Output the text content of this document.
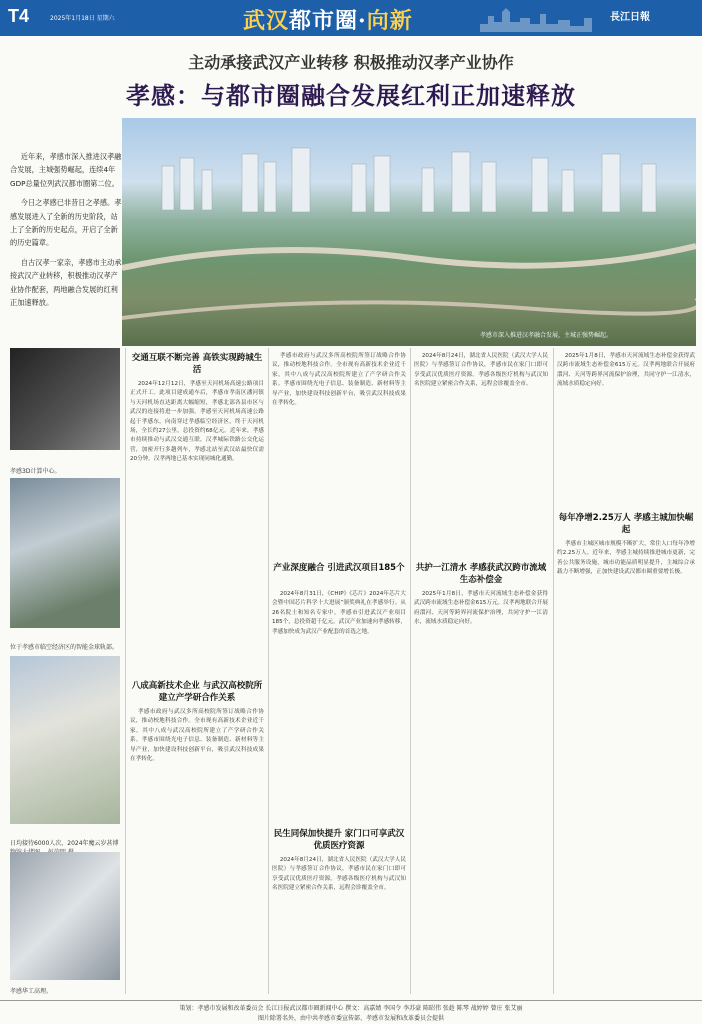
T4	2025年1月18日 星期六	武汉都市圈·向新	長江日報
主动承接武汉产业转移 积极推动汉孝产业协作
孝感：与都市圈融合发展红利正加速释放

近年来，孝感市深入推进汉孝融合发展，主城强势崛起，连续4年GDP总量位列武汉都市圈第二位。

今日之孝感已非昔日之孝感。孝感发展进入了全新的历史阶段，站上了全新的历史起点，开启了全新的历史篇章。

自古汉孝一家亲，孝感市主动承接武汉产业转移，积极推动汉孝产业协作配套，两地融合发展的红利正加速释放。

孝感市深入推进汉孝融合发展，主城正强势崛起。
孝感3D计算中心。
位于孝感市临空经济区的智能金球轨部。
日均接待6000人次，2024年魔云岁甚博
孝感华工高理。
交通互联不断完善 高铁实现跨城生活

2024年12月12日，孝感至天河机场高速公路项目正式开工。此项目建成通车后，孝感市孝南区潘河镇与天河机场直达距离大幅缩短，孝感北部各县市区与武汉的连接将进一步加强。孝感至天河机场高速公路起于孝感东，向南穿过孝感临空经济区，终于天河机场，全长约27公里，总投资约68亿元。近年来，孝感市持续推动与武汉交通互联，汉孝城际铁路公交化运营，加密开行多趟列车，孝感北站至武汉站最快仅需20分钟。汉孝两地已基本实现同城化通勤。

八成高新技术企业 与武汉高校院所建立产学研合作关系

孝感市政府与武汉多所高校院所签订战略合作协议，推动校地科技合作。全市现有高新技术企业近千家，其中八成与武汉高校院所建立了产学研合作关系。孝感市围绕光电子信息、装备制造、新材料等主导产业，加快建设科技创新平台，吸引武汉科技成果在孝转化。

孝感市政府与武汉多所高校院所签订战略合作协议，推动校地科技合作。全市现有高新技术企业近千家，其中八成与武汉高校院所建立了产学研合作关系。孝感市围绕光电子信息、装备制造、新材料等主导产业，加快建设科技创新平台，吸引武汉科技成果在孝转化。

产业深度融合 引进武汉项目185个

2024年8月31日，《CHIP》《芯片》2024年芯片大会暨中国芯片科学十大进展”颁奖典礼在孝感举行。从26名院士和知名专家中，孝感市引进武汉产业项目185个，总投资超千亿元。武汉产业加速向孝感转移，孝感加快成为武汉产业配套的首选之地。

民生同保加快提升 家门口可享武汉优质医疗资源

2024年8月24日，湖北省人民医院（武汉大学人民医院）与孝感签订合作协议，孝感市民在家门口即可享受武汉优质医疗资源。孝感各级医疗机构与武汉知名医院建立紧密合作关系，远程会诊覆盖全市。

2024年8月24日，湖北省人民医院（武汉大学人民医院）与孝感签订合作协议，孝感市民在家门口即可享受武汉优质医疗资源。孝感各级医疗机构与武汉知名医院建立紧密合作关系，远程会诊覆盖全市。

共护一江清水 孝感获武汉跨市流域生态补偿金

2025年1月8日，孝感市天河流域生态补偿金获得武汉跨市流域生态补偿金615万元。汉孝两地联合开展府澴河、天河等跨界河流保护治理，共同守护一江清水，流域水质稳定向好。

2025年1月8日，孝感市天河流域生态补偿金获得武汉跨市流域生态补偿金615万元。汉孝两地联合开展府澴河、天河等跨界河流保护治理，共同守护一江清水，流域水质稳定向好。

每年净增2.25万人 孝感主城加快崛起

孝感市主城区城市规模不断扩大，常住人口每年净增约2.25万人。近年来，孝感主城持续推进城市更新，完善公共服务设施，城市功能品质明显提升，主城综合承载力不断增强，正加快建设武汉都市圈重要增长极。

策划：孝感市发展和改革委员会 长江日报武汉都市圈新闻中心 撰文：高嘉婧 李国令 李苏豪 陈昭伟 张趁 陈琴 战婷婷 曾庄 张艾丽
图片除署名外，由中共孝感市委宣传部、孝感市发展和改革委员会提供
